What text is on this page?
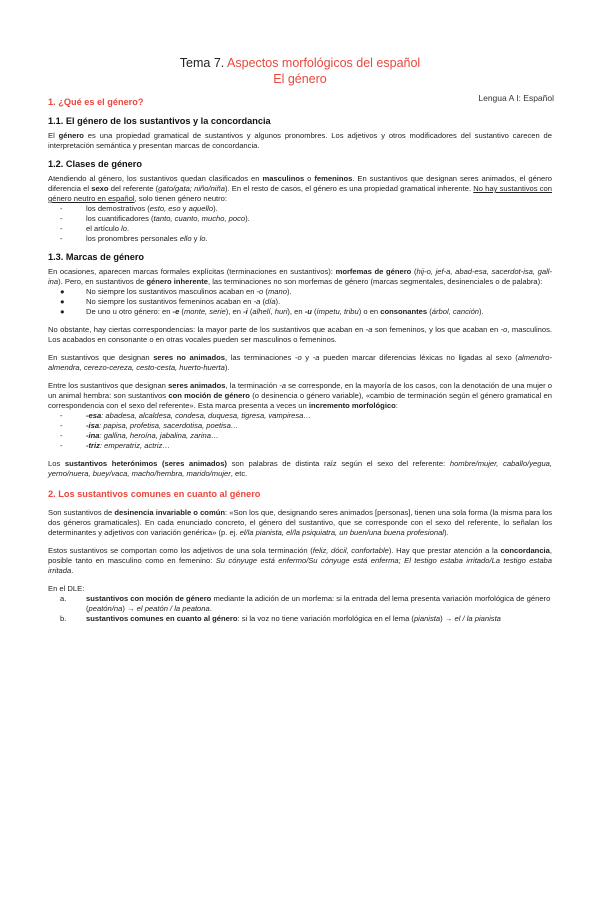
Lengua A I: Español
Tema 7. Aspectos morfológicos del español
El género
1. ¿Qué es el género?
1.1. El género de los sustantivos y la concordancia

El género es una propiedad gramatical de sustantivos y algunos pronombres. Los adjetivos y otros modificadores del sustantivo carecen de interpretación semántica y presentan marcas de concordancia.

1.2. Clases de género

Atendiendo al género, los sustantivos quedan clasificados en masculinos o femeninos. En sustantivos que designan seres animados, el género diferencia el sexo del referente (gato/gata; niño/niña). En el resto de casos, el género es una propiedad gramatical inherente. No hay sustantivos con género neutro en español, solo tienen género neutro:

-	los demostrativos (esto, eso y aquello).
-	los cuantificadores (tanto, cuanto, mucho, poco).
-	el artículo lo.
-	los pronombres personales ello y lo.
1.3. Marcas de género

En ocasiones, aparecen marcas formales explícitas (terminaciones en sustantivos): morfemas de género (hij-o, jef-a, abad-esa, sacerdot-isa, gall-ina). Pero, en sustantivos de género inherente, las terminaciones no son morfemas de género (marcas segmentales, desinenciales o de palabra):

●	No siempre los sustantivos masculinos acaban en -o (mano).
●	No siempre los sustantivos femeninos acaban en -a (día).
●	De uno u otro género: en -e (monte, serie), en -i (alhelí, huri), en -u (ímpetu, tribu) o en consonantes (árbol, canción).

No obstante, hay ciertas correspondencias: la mayor parte de los sustantivos que acaban en -a son femeninos, y los que acaban en -o, masculinos. Los acabados en consonante o en otras vocales pueden ser masculinos o femeninos.

En sustantivos que designan seres no animados, las terminaciones -o y -a pueden marcar diferencias léxicas no ligadas al sexo (almendro-almendra, cerezo-cereza, cesto-cesta, huerto-huerta).

Entre los sustantivos que designan seres animados, la terminación -a se corresponde, en la mayoría de los casos, con la denotación de una mujer o un animal hembra: son sustantivos con moción de género (o desinencia o género variable), «cambio de terminación según el género gramatical en correspondencia con el sexo del referente». Esta marca presenta a veces un incremento morfológico:

-	-esa: abadesa, alcaldesa, condesa, duquesa, tigresa, vampiresa…
-	-isa: papisa, profetisa, sacerdotisa, poetisa…
-	-ina: gallina, heroína, jabalina, zarina…
-	-triz: emperatriz, actriz…

Los sustantivos heterónimos (seres animados) son palabras de distinta raíz según el sexo del referente: hombre/mujer, caballo/yegua, yerno/nuera, buey/vaca, macho/hembra, marido/mujer, etc.

2. Los sustantivos comunes en cuanto al género

Son sustantivos de desinencia invariable o común: «Son los que, designando seres animados [personas], tienen una sola forma (la misma para los dos géneros gramaticales). En cada enunciado concreto, el género del sustantivo, que se corresponde con el sexo del referente, lo señalan los determinantes y adjetivos con variación genérica» (p. ej. el/la pianista, el/la psiquiatra, un buen/una buena profesional).

Estos sustantivos se comportan como los adjetivos de una sola terminación (feliz, dócil, confortable). Hay que prestar atención a la concordancia, posible tanto en masculino como en femenino: Su cónyuge está enfermo/Su cónyuge está enferma; El testigo estaba irritado/La testigo estaba irritada.

En el DLE:

a.	sustantivos con moción de género mediante la adición de un morfema: si la entrada del lema presenta variación morfológica de género (peatón/na) → el peatón / la peatona.
b.	sustantivos comunes en cuanto al género: si la voz no tiene variación morfológica en el lema (pianista) → el / la pianista
